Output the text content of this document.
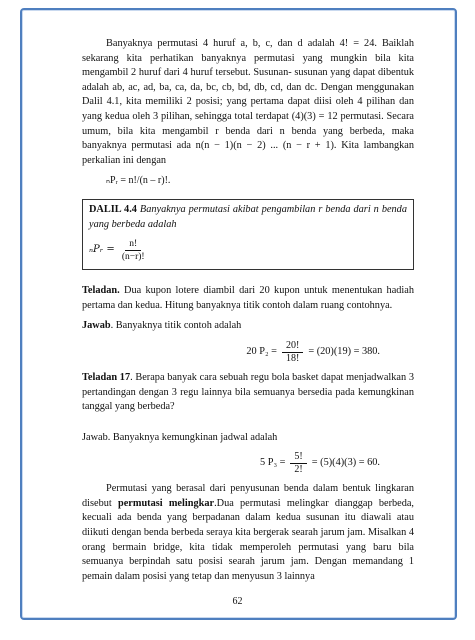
Banyaknya permutasi 4 huruf a, b, c, dan d adalah 4! = 24. Baiklah sekarang kita perhatikan banyaknya permutasi yang mungkin bila kita mengambil 2 huruf dari 4 huruf tersebut. Susunan- susunan yang dapat dibentuk adalah ab, ac, ad, ba, ca, da, bc, cb, bd, db, cd, dan dc. Dengan menggunakan Dalil 4.1, kita memiliki 2 posisi; yang pertama dapat diisi oleh 4 pilihan dan yang kedua oleh 3 pilihan, sehingga total terdapat (4)(3) = 12 permutasi. Secara umum, bila kita mengambil r benda dari n benda yang berbeda, maka banyaknya permutasi ada n(n − 1)(n − 2) ... (n − r + 1). Kita lambangkan perkalian ini dengan

ₙPᵣ = n!/(n – r)!.

DALIL 4.4 Banyaknya permutasi akibat pengambilan r benda dari n benda yang berbeda adalah
ₙPᵣ = $\frac{n!}{(n-r)!}$

Teladan. Dua kupon lotere diambil dari 20 kupon untuk menentukan hadiah pertama dan kedua. Hitung banyaknya titik contoh dalam ruang contohnya.

Jawab. Banyaknya titik contoh adalah

20 $P_2 = \frac{20!}{18!} = (20)(19) = 380$.

Teladan 17. Berapa banyak cara sebuah regu bola basket dapat menjadwalkan 3 pertandingan dengan 3 regu lainnya bila semuanya bersedia pada kemungkinan tanggal yang berbeda?

Jawab. Banyaknya kemungkinan jadwal adalah

5 $P_3 = \frac{5!}{2!} = (5)(4)(3) = 60$.

Permutasi yang berasal dari penyusunan benda dalam bentuk lingkaran disebut permutasi melingkar.Dua permutasi melingkar dianggap berbeda, kecuali ada benda yang berpadanan dalam kedua susunan itu diawali atau diikuti dengan benda berbeda seraya kita bergerak searah jarum jam. Misalkan 4 orang bermain bridge, kita tidak memperoleh permutasi yang baru bila semuanya berpindah satu posisi searah jarum jam. Dengan memandang 1 pemain dalam posisi yang tetap dan menyusun 3 lainnya

62
